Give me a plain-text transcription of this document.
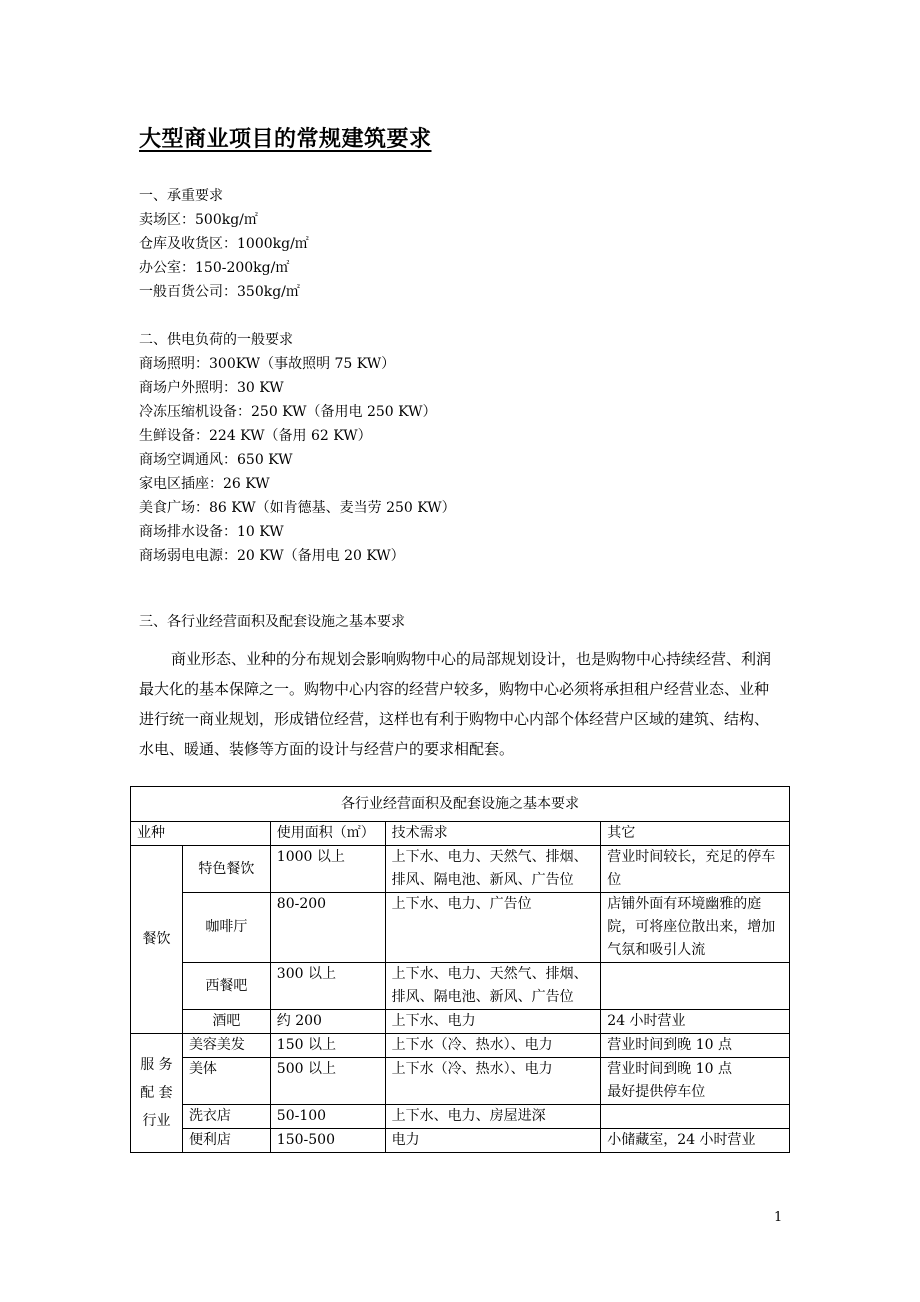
大型商业项目的常规建筑要求
一、承重要求
卖场区：500kg/㎡
仓库及收货区：1000kg/㎡
办公室：150-200kg/㎡
一般百货公司：350kg/㎡
二、供电负荷的一般要求
商场照明：300KW（事故照明 75 KW）
商场户外照明：30 KW
冷冻压缩机设备：250 KW（备用电 250 KW）
生鲜设备：224 KW（备用 62 KW）
商场空调通风：650 KW
家电区插座：26 KW
美食广场：86 KW（如肯德基、麦当劳 250 KW）
商场排水设备：10 KW
商场弱电电源：20 KW（备用电 20 KW）
三、各行业经营面积及配套设施之基本要求
商业形态、业种的分布规划会影响购物中心的局部规划设计，也是购物中心持续经营、利润
最大化的基本保障之一。购物中心内容的经营户较多，购物中心必须将承担租户经营业态、业种
进行统一商业规划，形成错位经营，这样也有利于购物中心内部个体经营户区域的建筑、结构、
水电、暖通、装修等方面的设计与经营户的要求相配套。
各行业经营面积及配套设施之基本要求				
业种		使用面积（㎡）	技术需求	其它
餐饮	特色餐饮	1000 以上	上下水、电力、天然气、排烟、排风、隔电池、新风、广告位	营业时间较长，充足的停车位
	咖啡厅	80-200	上下水、电力、广告位	店铺外面有环境幽雅的庭院，可将座位散出来，增加气氛和吸引人流
	西餐吧	300 以上	上下水、电力、天然气、排烟、排风、隔电池、新风、广告位	
	酒吧	约 200	上下水、电力	24 小时营业

服 务
配 套
行业	美容美发	150 以上	上下水（冷、热水）、电力	营业时间到晚 10 点
	美体	500 以上	上下水（冷、热水）、电力	营业时间到晚 10 点
最好提供停车位

	洗衣店	50-100	上下水、电力、房屋进深	
	便利店	150-500	电力	小储藏室，24 小时营业
1
